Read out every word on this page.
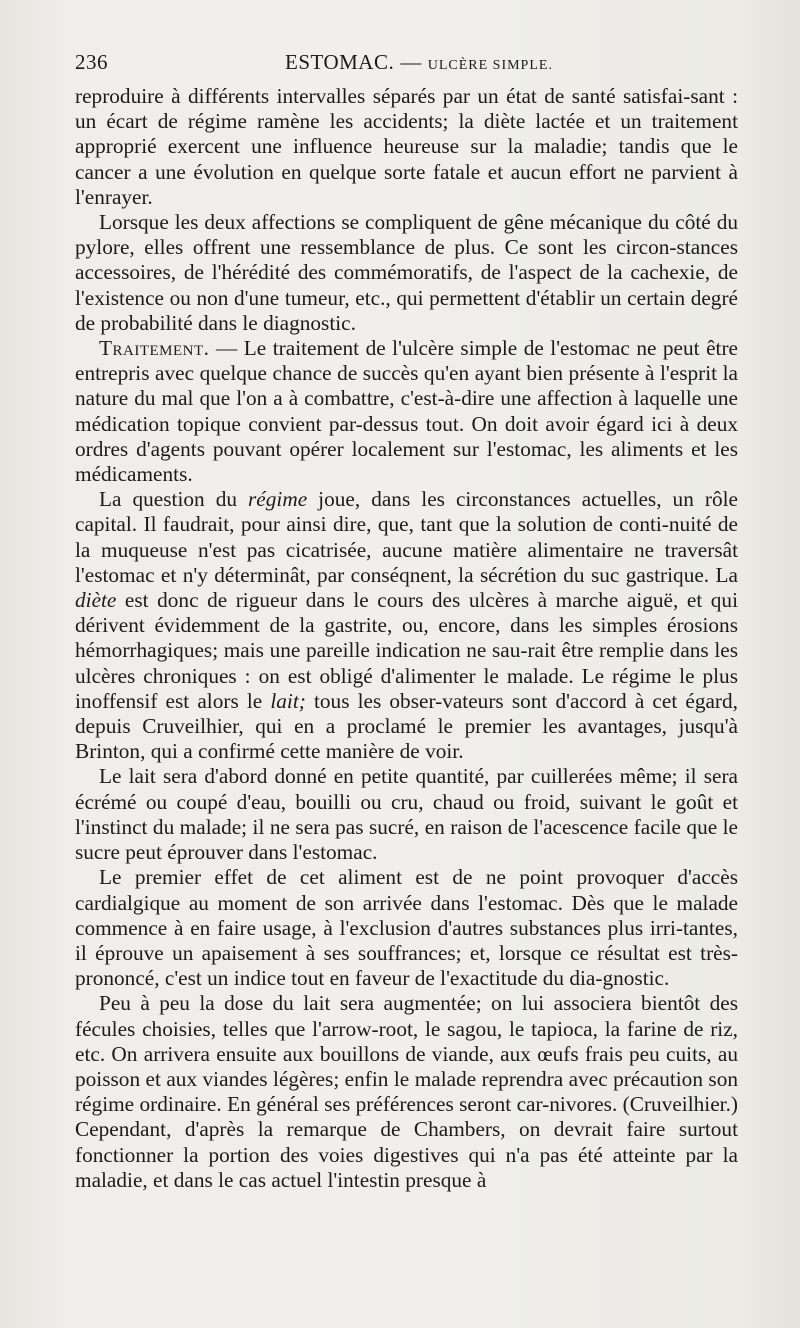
236	ESTOMAC. — ULCÈRE SIMPLE.

reproduire à différents intervalles séparés par un état de santé satisfai-sant : un écart de régime ramène les accidents; la diète lactée et un traitement approprié exercent une influence heureuse sur la maladie; tandis que le cancer a une évolution en quelque sorte fatale et aucun effort ne parvient à l'enrayer.

Lorsque les deux affections se compliquent de gêne mécanique du côté du pylore, elles offrent une ressemblance de plus. Ce sont les circon-stances accessoires, de l'hérédité des commémoratifs, de l'aspect de la cachexie, de l'existence ou non d'une tumeur, etc., qui permettent d'établir un certain degré de probabilité dans le diagnostic.

Traitement. — Le traitement de l'ulcère simple de l'estomac ne peut être entrepris avec quelque chance de succès qu'en ayant bien présente à l'esprit la nature du mal que l'on a à combattre, c'est-à-dire une affection à laquelle une médication topique convient par-dessus tout. On doit avoir égard ici à deux ordres d'agents pouvant opérer localement sur l'estomac, les aliments et les médicaments.

La question du régime joue, dans les circonstances actuelles, un rôle capital. Il faudrait, pour ainsi dire, que, tant que la solution de conti-nuité de la muqueuse n'est pas cicatrisée, aucune matière alimentaire ne traversât l'estomac et n'y déterminât, par conséqnent, la sécrétion du suc gastrique. La diète est donc de rigueur dans le cours des ulcères à marche aiguë, et qui dérivent évidemment de la gastrite, ou, encore, dans les simples érosions hémorrhagiques; mais une pareille indication ne sau-rait être remplie dans les ulcères chroniques : on est obligé d'alimenter le malade. Le régime le plus inoffensif est alors le lait; tous les obser-vateurs sont d'accord à cet égard, depuis Cruveilhier, qui en a proclamé le premier les avantages, jusqu'à Brinton, qui a confirmé cette manière de voir.

Le lait sera d'abord donné en petite quantité, par cuillerées même; il sera écrémé ou coupé d'eau, bouilli ou cru, chaud ou froid, suivant le goût et l'instinct du malade; il ne sera pas sucré, en raison de l'acescence facile que le sucre peut éprouver dans l'estomac.

Le premier effet de cet aliment est de ne point provoquer d'accès cardialgique au moment de son arrivée dans l'estomac. Dès que le malade commence à en faire usage, à l'exclusion d'autres substances plus irri-tantes, il éprouve un apaisement à ses souffrances; et, lorsque ce résultat est très-prononcé, c'est un indice tout en faveur de l'exactitude du dia-gnostic.

Peu à peu la dose du lait sera augmentée; on lui associera bientôt des fécules choisies, telles que l'arrow-root, le sagou, le tapioca, la farine de riz, etc. On arrivera ensuite aux bouillons de viande, aux œufs frais peu cuits, au poisson et aux viandes légères; enfin le malade reprendra avec précaution son régime ordinaire. En général ses préférences seront car-nivores. (Cruveilhier.) Cependant, d'après la remarque de Chambers, on devrait faire surtout fonctionner la portion des voies digestives qui n'a pas été atteinte par la maladie, et dans le cas actuel l'intestin presque à
